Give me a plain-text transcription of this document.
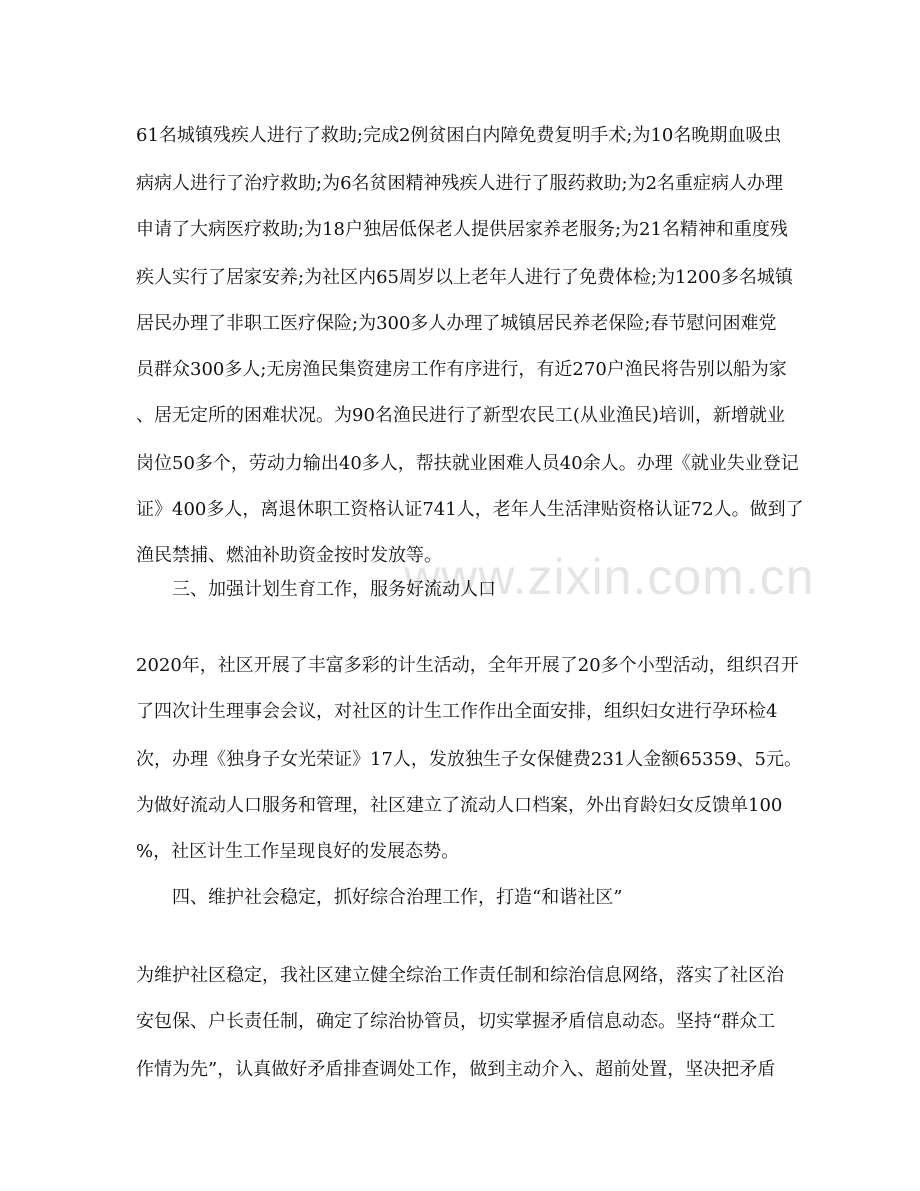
www.zixin.com.cn
61名城镇残疾人进行了救助;完成2例贫困白内障免费复明手术;为10名晚期血吸虫
病病人进行了治疗救助;为6名贫困精神残疾人进行了服药救助;为2名重症病人办理
申请了大病医疗救助;为18户独居低保老人提供居家养老服务;为21名精神和重度残
疾人实行了居家安养;为社区内65周岁以上老年人进行了免费体检;为1200多名城镇
居民办理了非职工医疗保险;为300多人办理了城镇居民养老保险;春节慰问困难党
员群众300多人;无房渔民集资建房工作有序进行，有近270户渔民将告别以船为家
、居无定所的困难状况。为90名渔民进行了新型农民工(从业渔民)培训，新增就业
岗位50多个，劳动力输出40多人，帮扶就业困难人员40余人。办理《就业失业登记
证》400多人，离退休职工资格认证741人，老年人生活津贴资格认证72人。做到了
渔民禁捕、燃油补助资金按时发放等。
三、加强计划生育工作，服务好流动人口
2020年，社区开展了丰富多彩的计生活动，全年开展了20多个小型活动，组织召开
了四次计生理事会会议，对社区的计生工作作出全面安排，组织妇女进行孕环检4
次，办理《独身子女光荣证》17人，发放独生子女保健费231人金额65359、5元。
为做好流动人口服务和管理，社区建立了流动人口档案，外出育龄妇女反馈单100
%，社区计生工作呈现良好的发展态势。
四、维护社会稳定，抓好综合治理工作，打造“和谐社区”
为维护社区稳定，我社区建立健全综治工作责任制和综治信息网络，落实了社区治
安包保、户长责任制，确定了综治协管员，切实掌握矛盾信息动态。坚持“群众工
作情为先”，认真做好矛盾排查调处工作，做到主动介入、超前处置，坚决把矛盾
